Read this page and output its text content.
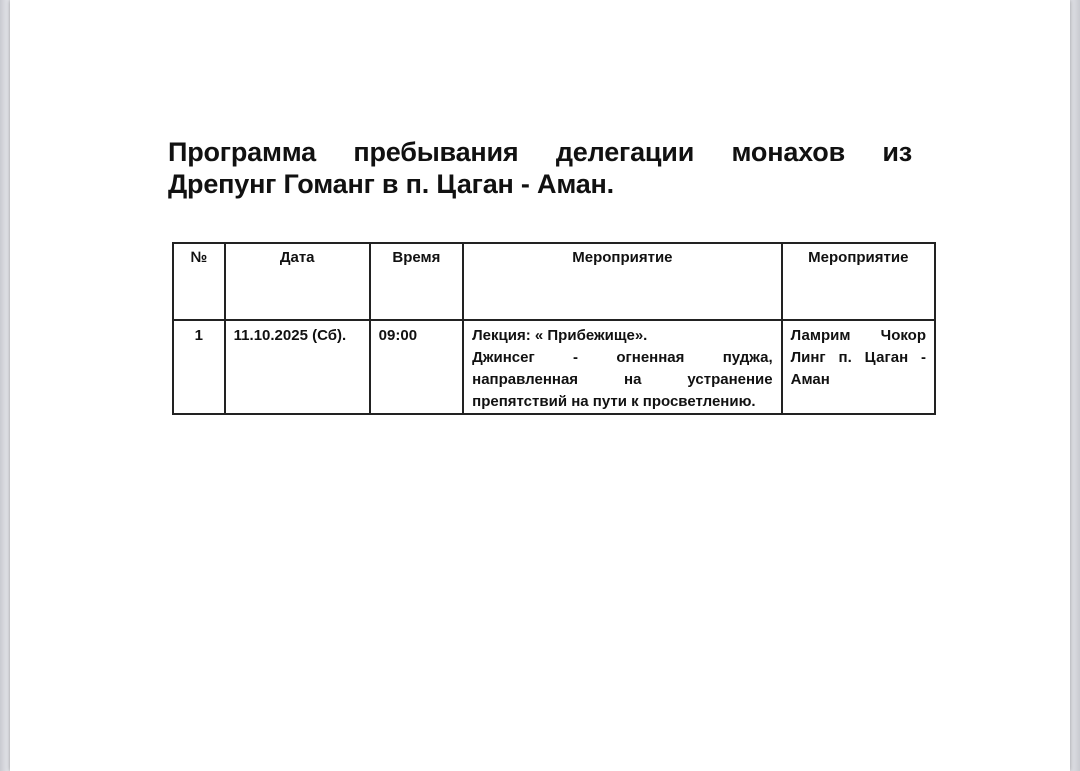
Программа пребывания делегации монахов из
Дрепунг Гоманг в п. Цаган - Аман.
№	Дата	Время	Мероприятие	Мероприятие
1	11.10.2025 (Сб).	09:00	Лекция: « Прибежище».
Джинсег - огненная пуджа,
направленная на устранение
препятствий на пути к просветлению.	Ламрим Чокор
Линг п. Цаган -
Аман
